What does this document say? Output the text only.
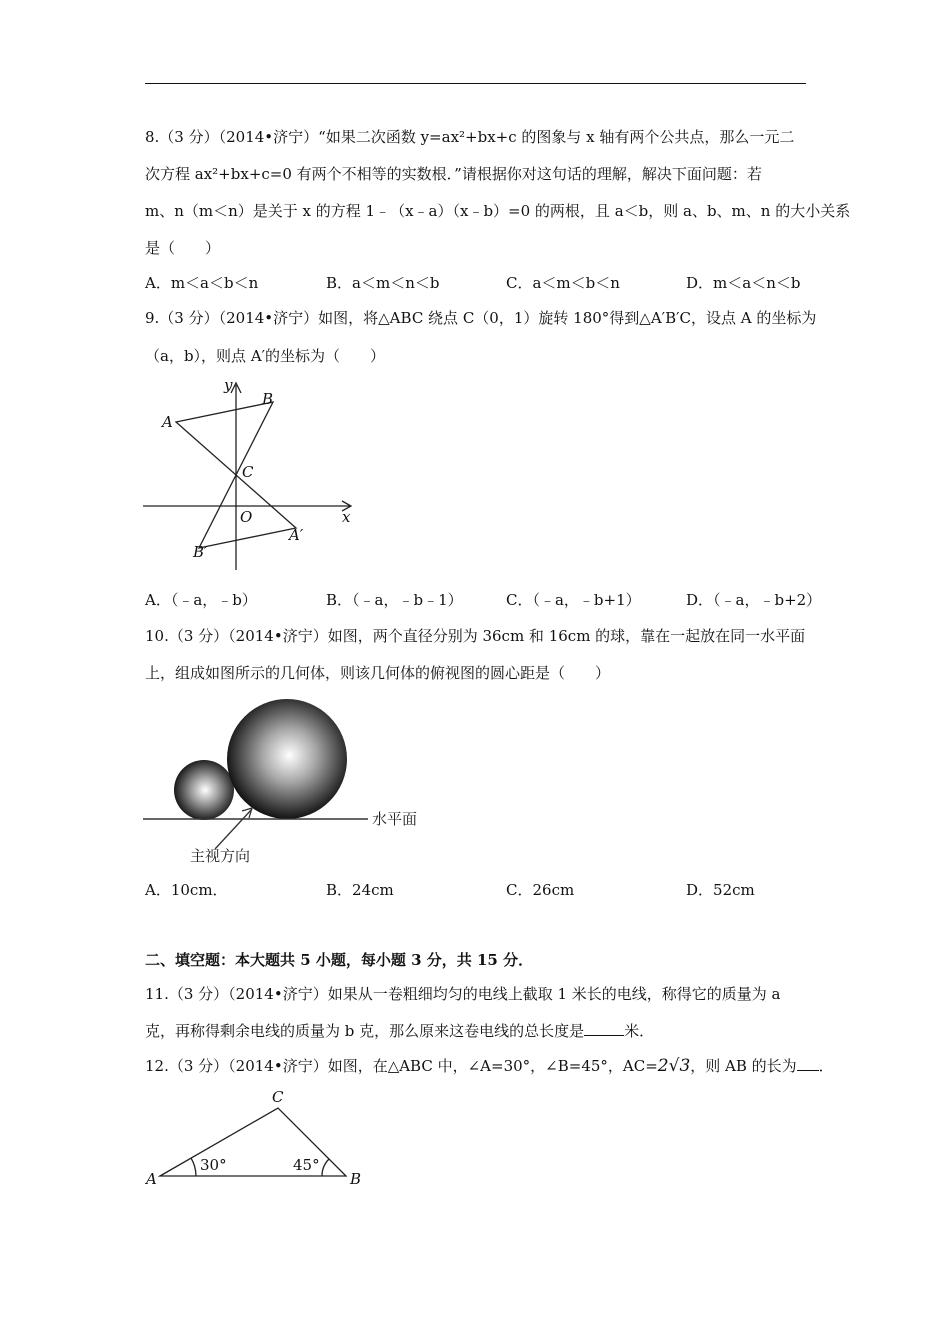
8.（3 分）（2014•济宁）“如果二次函数 y=ax²+bx+c 的图象与 x 轴有两个公共点，那么一元二
次方程 ax²+bx+c=0 有两个不相等的实数根．”请根据你对这句话的理解，解决下面问题：若
m、n（m＜n）是关于 x 的方程 1﹣（x﹣a）（x﹣b）=0 的两根，且 a＜b，则 a、b、m、n 的大小关系
是（　　）
A．m＜a＜b＜n	B．a＜m＜n＜b	C．a＜m＜b＜n	D．m＜a＜n＜b
9.（3 分）（2014•济宁）如图，将△ABC 绕点 C（0，1）旋转 180°得到△A′B′C，设点 A 的坐标为
（a，b），则点 A′的坐标为（　　）
y
x
O
A
B
C
A′
B′
A．（﹣a，﹣b）	B．（﹣a，﹣b﹣1）	C．（﹣a，﹣b+1）	D．（﹣a，﹣b+2）
10.（3 分）（2014•济宁）如图，两个直径分别为 36cm 和 16cm 的球，靠在一起放在同一水平面
上，组成如图所示的几何体，则该几何体的俯视图的圆心距是（　　）
水平面
主视方向
A．10cm．	B．24cm	C．26cm	D．52cm
二、填空题：本大题共 5 小题，每小题 3 分，共 15 分．
11.（3 分）（2014•济宁）如果从一卷粗细均匀的电线上截取 1 米长的电线，称得它的质量为 a
克，再称得剩余电线的质量为 b 克，那么原来这卷电线的总长度是	米．
12.（3 分）（2014•济宁）如图，在△ABC 中，∠A=30°，∠B=45°，AC=2√3，则 AB 的长为 ．
A	B
C
30°	45°
